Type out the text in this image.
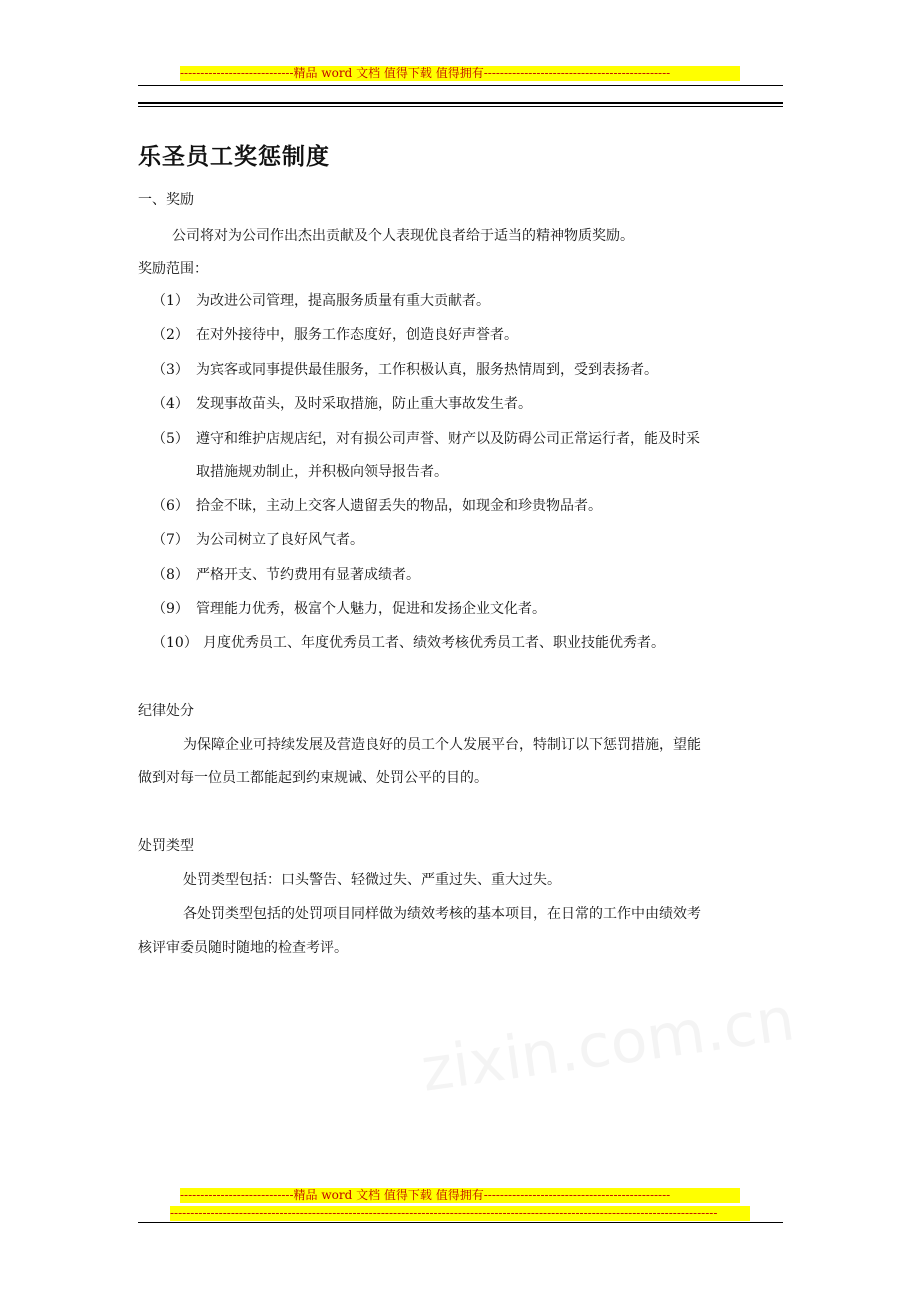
----------------------------精品 word 文档 值得下载 值得拥有----------------------------------------------
乐圣员工奖惩制度
一、奖励
公司将对为公司作出杰出贡献及个人表现优良者给于适当的精神物质奖励。
奖励范围：
（1） 为改进公司管理，提高服务质量有重大贡献者。
（2） 在对外接待中，服务工作态度好，创造良好声誉者。
（3） 为宾客或同事提供最佳服务，工作积极认真，服务热情周到，受到表扬者。
（4） 发现事故苗头，及时采取措施，防止重大事故发生者。
（5） 遵守和维护店规店纪，对有损公司声誉、财产以及防碍公司正常运行者，能及时采
取措施规劝制止，并积极向领导报告者。
（6） 拾金不昧，主动上交客人遗留丢失的物品，如现金和珍贵物品者。
（7） 为公司树立了良好风气者。
（8） 严格开支、节约费用有显著成绩者。
（9） 管理能力优秀，极富个人魅力，促进和发扬企业文化者。
（10） 月度优秀员工、年度优秀员工者、绩效考核优秀员工者、职业技能优秀者。
纪律处分
为保障企业可持续发展及营造良好的员工个人发展平台，特制订以下惩罚措施，望能
做到对每一位员工都能起到约束规诫、处罚公平的目的。
处罚类型
处罚类型包括：口头警告、轻微过失、严重过失、重大过失。
各处罚类型包括的处罚项目同样做为绩效考核的基本项目，在日常的工作中由绩效考
核评审委员随时随地的检查考评。
----------------------------精品 word 文档 值得下载 值得拥有----------------------------------------------
---------------------------------------------------------------------------------------------------------------------------------------
